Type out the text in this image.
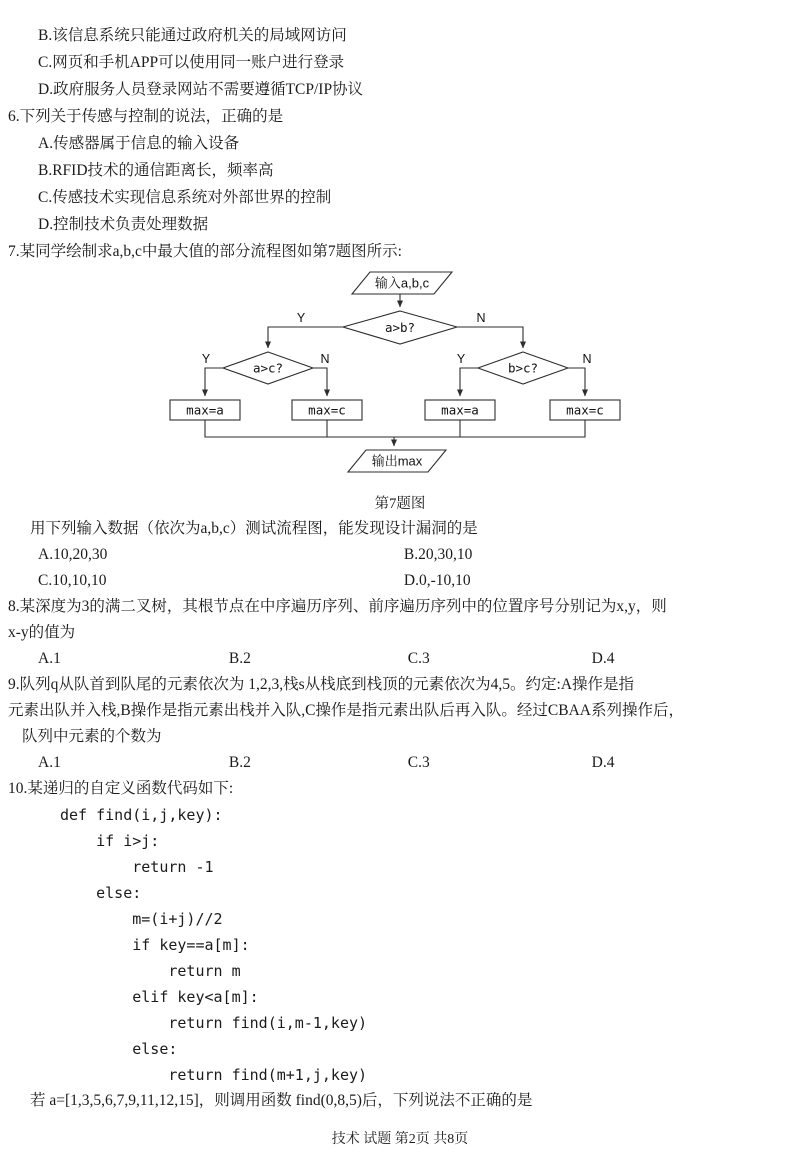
B.该信息系统只能通过政府机关的局域网访问
C.网页和手机APP可以使用同一账户进行登录
D.政府服务人员登录网站不需要遵循TCP/IP协议
6.下列关于传感与控制的说法，正确的是
A.传感器属于信息的输入设备
B.RFID技术的通信距离长，频率高
C.传感技术实现信息系统对外部世界的控制
D.控制技术负责处理数据
7.某同学绘制求a,b,c中最大值的部分流程图如第7题图所示:
输入a,b,c
a>b?
a>c?	b>c?
max=a	max=c	max=a	max=c
输出max
Y	N
Y	N	Y	N
第7题图
用下列输入数据（依次为a,b,c）测试流程图，能发现设计漏洞的是
A.10,20,30	B.20,30,10
C.10,10,10	D.0,-10,10
8.某深度为3的满二叉树，其根节点在中序遍历序列、前序遍历序列中的位置序号分别记为x,y，则
x-y的值为
A.1	B.2	C.3	D.4
9.队列q从队首到队尾的元素依次为 1,2,3,栈s从栈底到栈顶的元素依次为4,5。约定:A操作是指
元素出队并入栈,B操作是指元素出栈并入队,C操作是指元素出队后再入队。经过CBAA系列操作后，
队列中元素的个数为
A.1	B.2	C.3	D.4
10.某递归的自定义函数代码如下:
def find(i,j,key):
if i>j:
return -1
else:
m=(i+j)//2
if key==a[m]:
return m
elif key<a[m]:
return find(i,m-1,key)
else:
return find(m+1,j,key)
若 a=[1,3,5,6,7,9,11,12,15]，则调用函数 find(0,8,5)后，下列说法不正确的是
技术 试题 第2页 共8页
